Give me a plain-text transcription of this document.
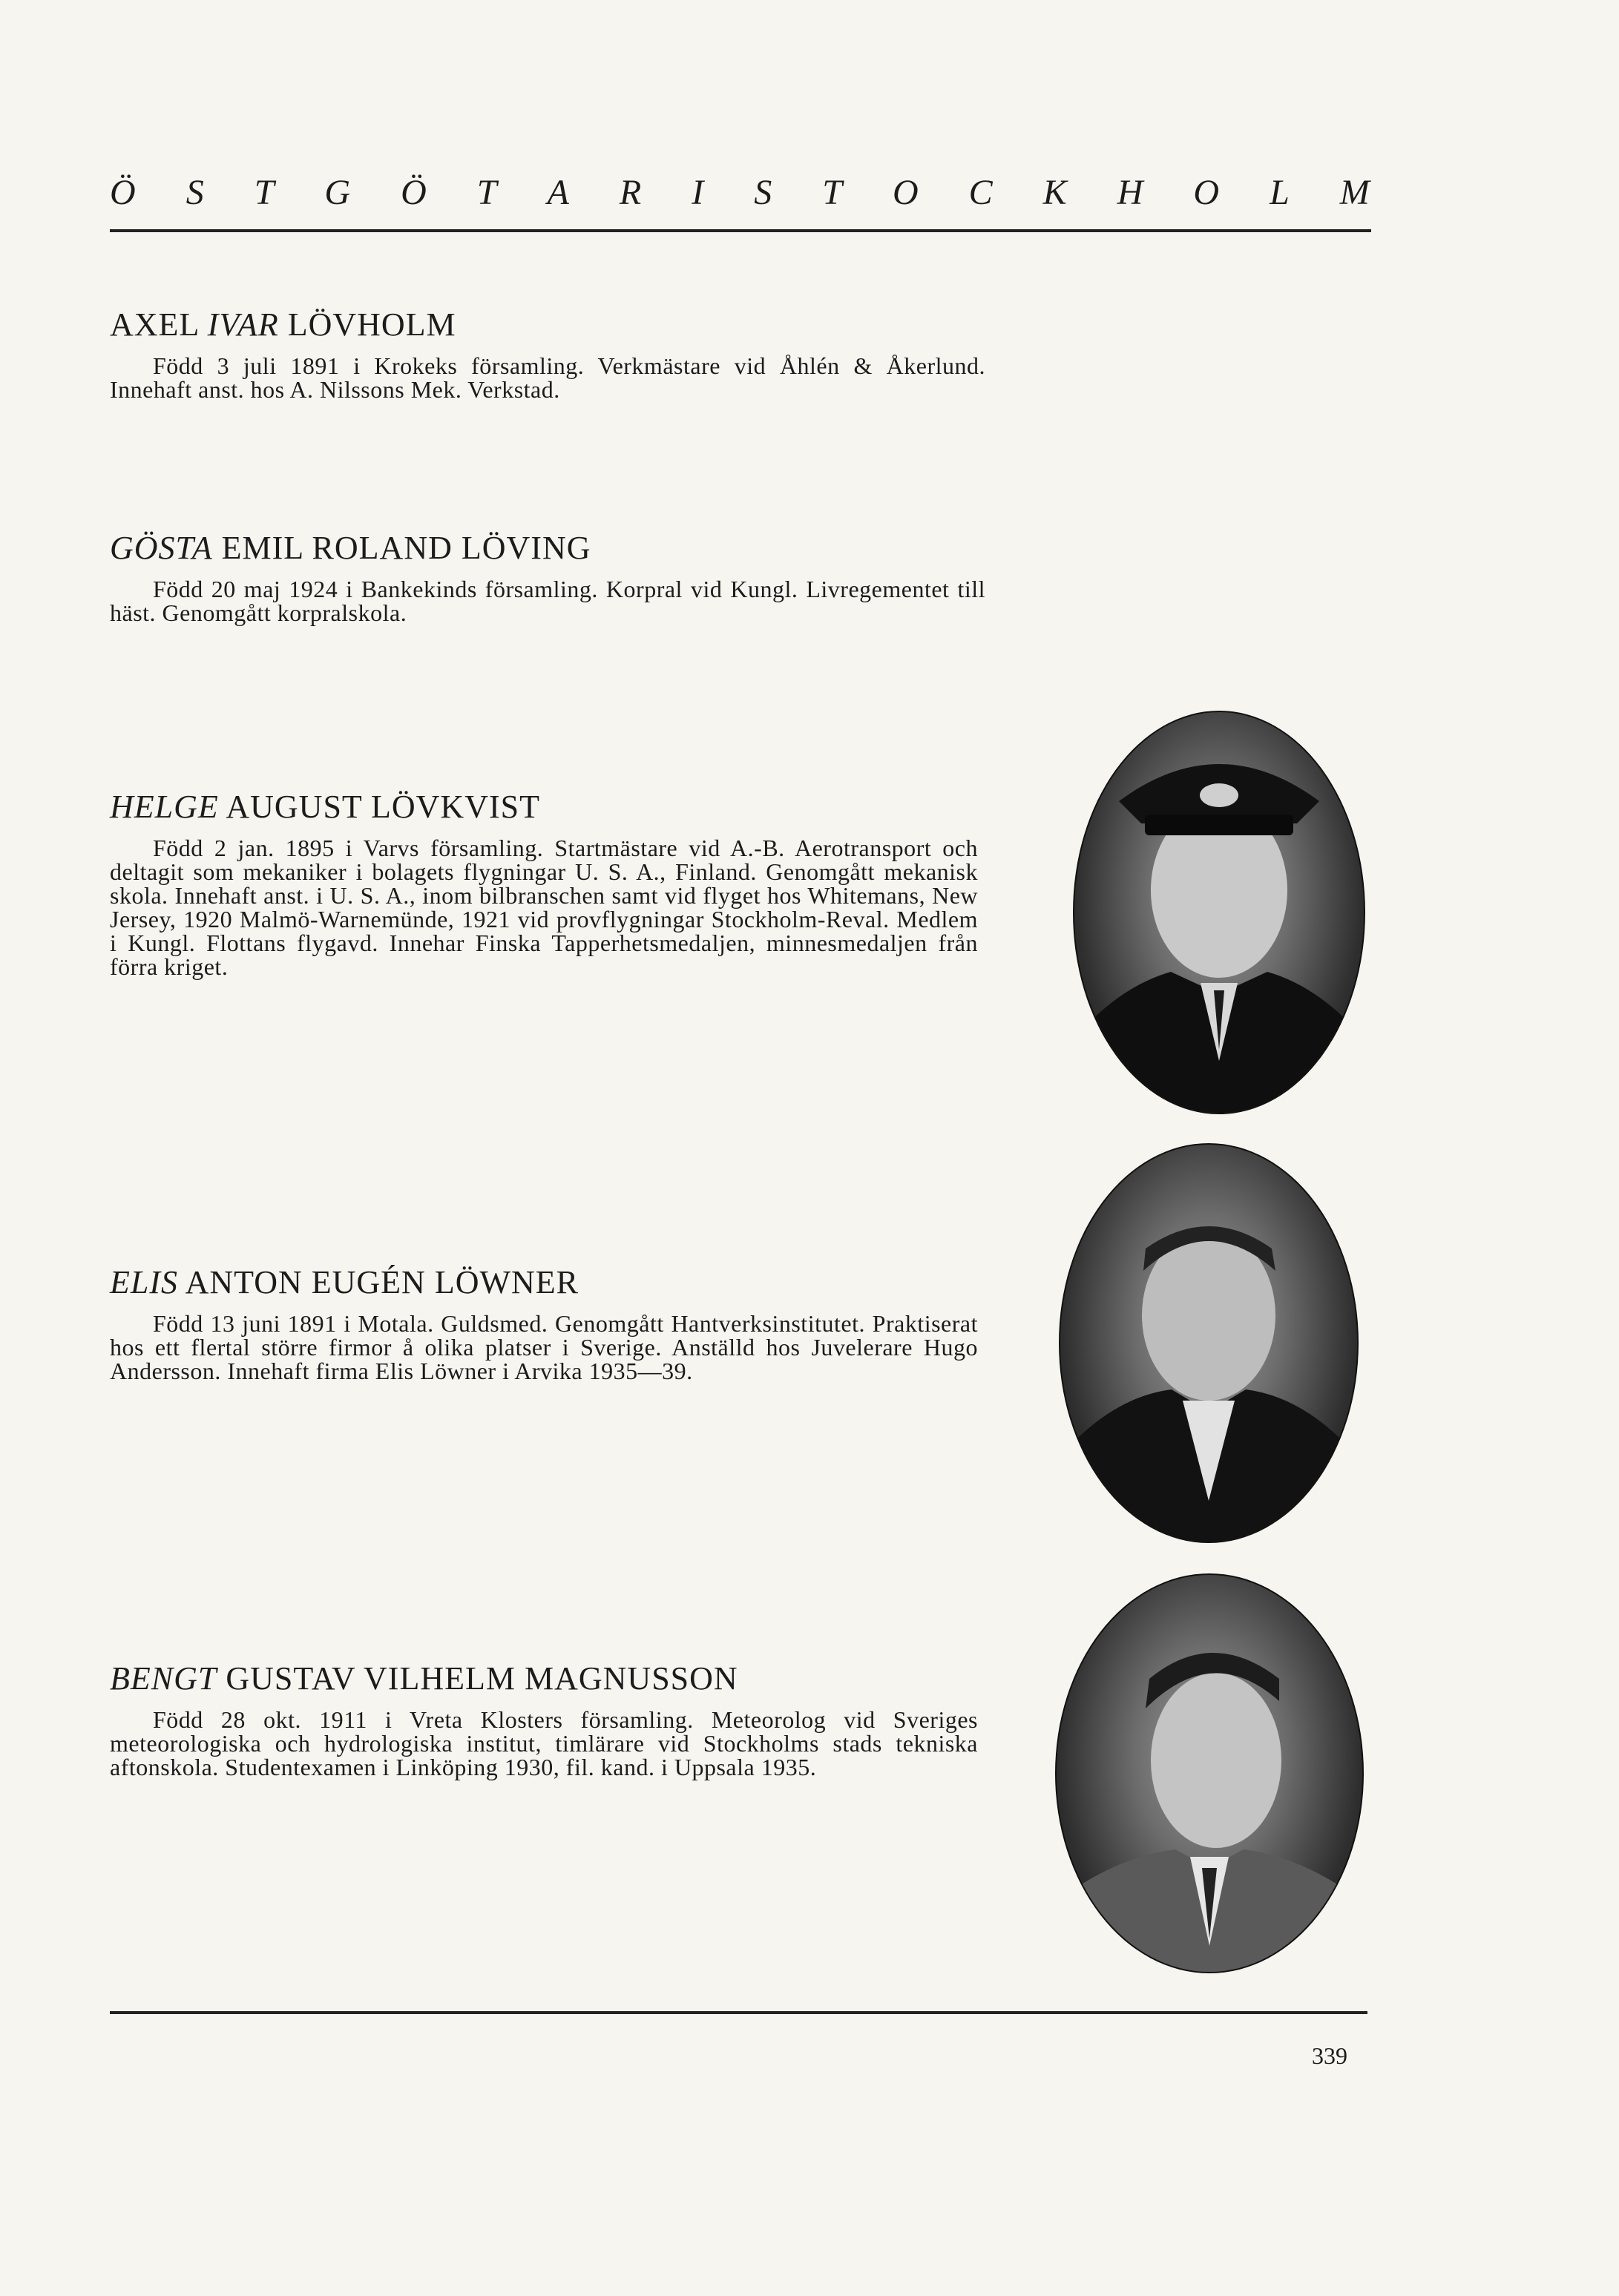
Ö S T G Ö T A R I S T O C K H O L M
AXEL IVAR LÖVHOLM

Född 3 juli 1891 i Krokeks församling. Verkmästare vid Åhlén & Åkerlund. Innehaft anst. hos A. Nilssons Mek. Verkstad.

GÖSTA EMIL ROLAND LÖVING

Född 20 maj 1924 i Bankekinds församling. Korpral vid Kungl. Livregementet till häst. Genomgått korpralskola.

HELGE AUGUST LÖVKVIST

Född 2 jan. 1895 i Varvs församling. Startmästare vid A.-B. Aerotransport och deltagit som mekaniker i bolagets flygningar U. S. A., Finland. Genomgått mekanisk skola. Innehaft anst. i U. S. A., inom bilbranschen samt vid flyget hos Whitemans, New Jersey, 1920 Malmö-Warnemünde, 1921 vid provflygningar Stockholm-Reval. Medlem i Kungl. Flottans flygavd. Innehar Finska Tapperhetsmedaljen, minnesmedaljen från förra kriget.

ELIS ANTON EUGÉN LÖWNER

Född 13 juni 1891 i Motala. Guldsmed. Genomgått Hantverksinstitutet. Praktiserat hos ett flertal större firmor å olika platser i Sverige. Anställd hos Juvelerare Hugo Andersson. Innehaft firma Elis Löwner i Arvika 1935—39.

BENGT GUSTAV VILHELM MAGNUSSON

Född 28 okt. 1911 i Vreta Klosters församling. Meteorolog vid Sveriges meteorologiska och hydrologiska institut, timlärare vid Stockholms stads tekniska aftonskola. Studentexamen i Linköping 1930, fil. kand. i Uppsala 1935.

339
